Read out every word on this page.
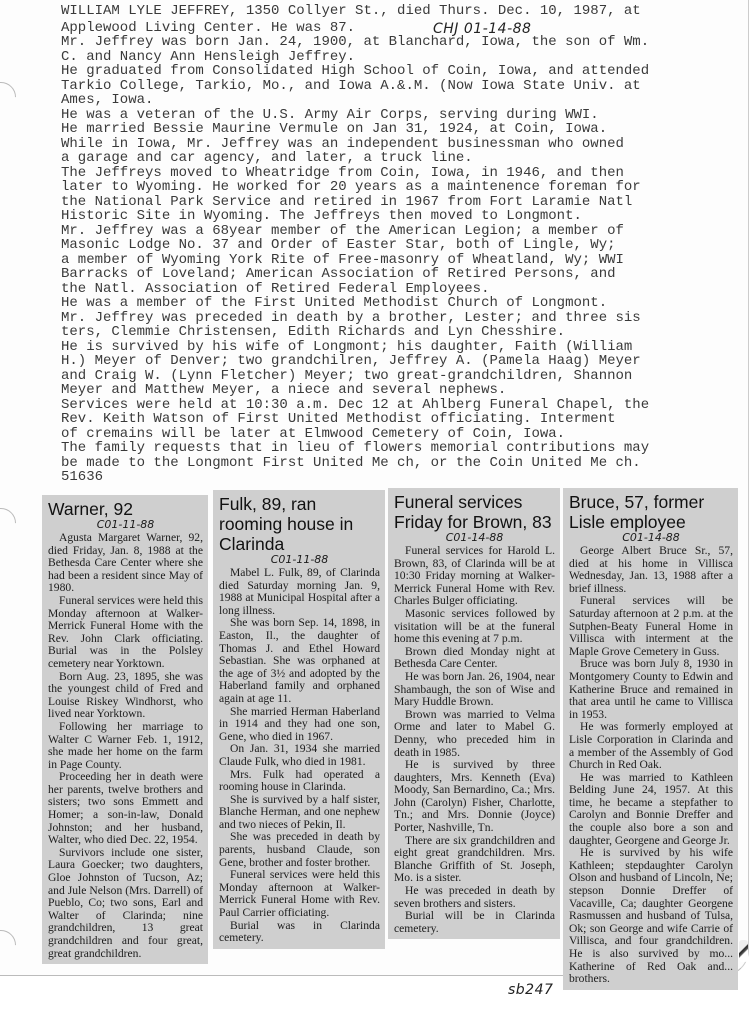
WILLIAM LYLE JEFFREY, 1350 Collyer St., died Thurs. Dec. 10, 1987, at
Applewood Living Center. He was 87.
Mr. Jeffrey was born Jan. 24, 1900, at Blanchard, Iowa, the son of Wm.
C. and Nancy Ann Hensleigh Jeffrey.
He graduated from Consolidated High School of Coin, Iowa, and attended
Tarkio College, Tarkio, Mo., and Iowa A.&.M. (Now Iowa State Univ. at
Ames, Iowa.
He was a veteran of the U.S. Army Air Corps, serving during WWI.
He married Bessie Maurine Vermule on Jan 31, 1924, at Coin, Iowa.
While in Iowa, Mr. Jeffrey was an independent businessman who owned
a garage and car agency, and later, a truck line.
The Jeffreys moved to Wheatridge from Coin, Iowa, in 1946, and then
later to Wyoming. He worked for 20 years as a maintenence foreman for
the National Park Service and retired in 1967 from Fort Laramie Natl
Historic Site in Wyoming. The Jeffreys then moved to Longmont.
Mr. Jeffrey was a 68year member of the American Legion; a member of
Masonic Lodge No. 37 and Order of Easter Star, both of Lingle, Wy;
a member of Wyoming York Rite of Free-masonry of Wheatland, Wy; WWI
Barracks of Loveland; American Association of Retired Persons, and
the Natl. Association of Retired Federal Employees.
He was a member of the First United Methodist Church of Longmont.
Mr. Jeffrey was preceded in death by a brother, Lester; and three sis
ters, Clemmie Christensen, Edith Richards and Lyn Chesshire.
He is survived by his wife of Longmont; his daughter, Faith (William
H.) Meyer of Denver; two grandchilren, Jeffrey A. (Pamela Haag) Meyer
and Craig W. (Lynn Fletcher) Meyer; two great-grandchildren, Shannon
Meyer and Matthew Meyer, a niece and several nephews.
Services were held at 10:30 a.m. Dec 12 at Ahlberg Funeral Chapel, the
Rev. Keith Watson of First United Methodist officiating. Interment
of cremains will be later at Elmwood Cemetery of Coin, Iowa.
The family requests that in lieu of flowers memorial contributions may
be made to the Longmont First United Me ch, or the Coin United Me ch.
51636
CHJ 01-14-88
Warner, 92
C01-11-88

Agusta Margaret Warner, 92, died Friday, Jan. 8, 1988 at the Bethesda Care Center where she had been a resident since May of 1980.

Funeral services were held this Monday afternoon at Walker-Merrick Funeral Home with the Rev. John Clark officiating. Burial was in the Polsley cemetery near Yorktown.

Born Aug. 23, 1895, she was the youngest child of Fred and Louise Riskey Windhorst, who lived near Yorktown.

Following her marriage to Walter C Warner Feb. 1, 1912, she made her home on the farm in Page County.

Proceeding her in death were her parents, twelve brothers and sisters; two sons Emmett and Homer; a son-in-law, Donald Johnston; and her husband, Walter, who died Dec. 22, 1954.

Survivors include one sister, Laura Goecker; two daughters, Gloe Johnston of Tucson, Az; and Jule Nelson (Mrs. Darrell) of Pueblo, Co; two sons, Earl and Walter of Clarinda; nine grandchildren, 13 great grandchildren and four great, great grandchildren.

Fulk, 89, ran rooming house in Clarinda
C01-11-88

Mabel L. Fulk, 89, of Clarinda died Saturday morning Jan. 9, 1988 at Municipal Hospital after a long illness.

She was born Sep. 14, 1898, in Easton, Il., the daughter of Thomas J. and Ethel Howard Sebastian. She was orphaned at the age of 3½ and adopted by the Haberland family and orphaned again at age 11.

She married Herman Haberland in 1914 and they had one son, Gene, who died in 1967.

On Jan. 31, 1934 she married Claude Fulk, who died in 1981.

Mrs. Fulk had operated a rooming house in Clarinda.

She is survived by a half sister, Blanche Herman, and one nephew and two nieces of Pekin, Il.

She was preceded in death by parents, husband Claude, son Gene, brother and foster brother.

Funeral services were held this Monday afternoon at Walker-Merrick Funeral Home with Rev. Paul Carrier officiating.

Burial was in Clarinda cemetery.

Funeral services Friday for Brown, 83
C01-14-88

Funeral services for Harold L. Brown, 83, of Clarinda will be at 10:30 Friday morning at Walker-Merrick Funeral Home with Rev. Charles Bulger officiating.

Masonic services followed by visitation will be at the funeral home this evening at 7 p.m.

Brown died Monday night at Bethesda Care Center.

He was born Jan. 26, 1904, near Shambaugh, the son of Wise and Mary Huddle Brown.

Brown was married to Velma Orme and later to Mabel G. Denny, who preceded him in death in 1985.

He is survived by three daughters, Mrs. Kenneth (Eva) Moody, San Bernardino, Ca.; Mrs. John (Carolyn) Fisher, Charlotte, Tn.; and Mrs. Donnie (Joyce) Porter, Nashville, Tn.

There are six grandchildren and eight great grandchildren. Mrs. Blanche Griffith of St. Joseph, Mo. is a sister.

He was preceded in death by seven brothers and sisters.

Burial will be in Clarinda cemetery.

Bruce, 57, former Lisle employee
C01-14-88

George Albert Bruce Sr., 57, died at his home in Villisca Wednesday, Jan. 13, 1988 after a brief illness.

Funeral services will be Saturday afternoon at 2 p.m. at the Sutphen-Beaty Funeral Home in Villisca with interment at the Maple Grove Cemetery in Guss.

Bruce was born July 8, 1930 in Montgomery County to Edwin and Katherine Bruce and remained in that area until he came to Villisca in 1953.

He was formerly employed at Lisle Corporation in Clarinda and a member of the Assembly of God Church in Red Oak.

He was married to Kathleen Belding June 24, 1957. At this time, he became a stepfather to Carolyn and Bonnie Dreffer and the couple also bore a son and daughter, Georgene and George Jr.

He is survived by his wife Kathleen; stepdaughter Carolyn Olson and husband of Lincoln, Ne; stepson Donnie Dreffer of Vacaville, Ca; daughter Georgene Rasmussen and husband of Tulsa, Ok; son George and wife Carrie of Villisca, and four grandchildren. He is also survived by mo... Katherine of Red Oak and... brothers.

sb247
